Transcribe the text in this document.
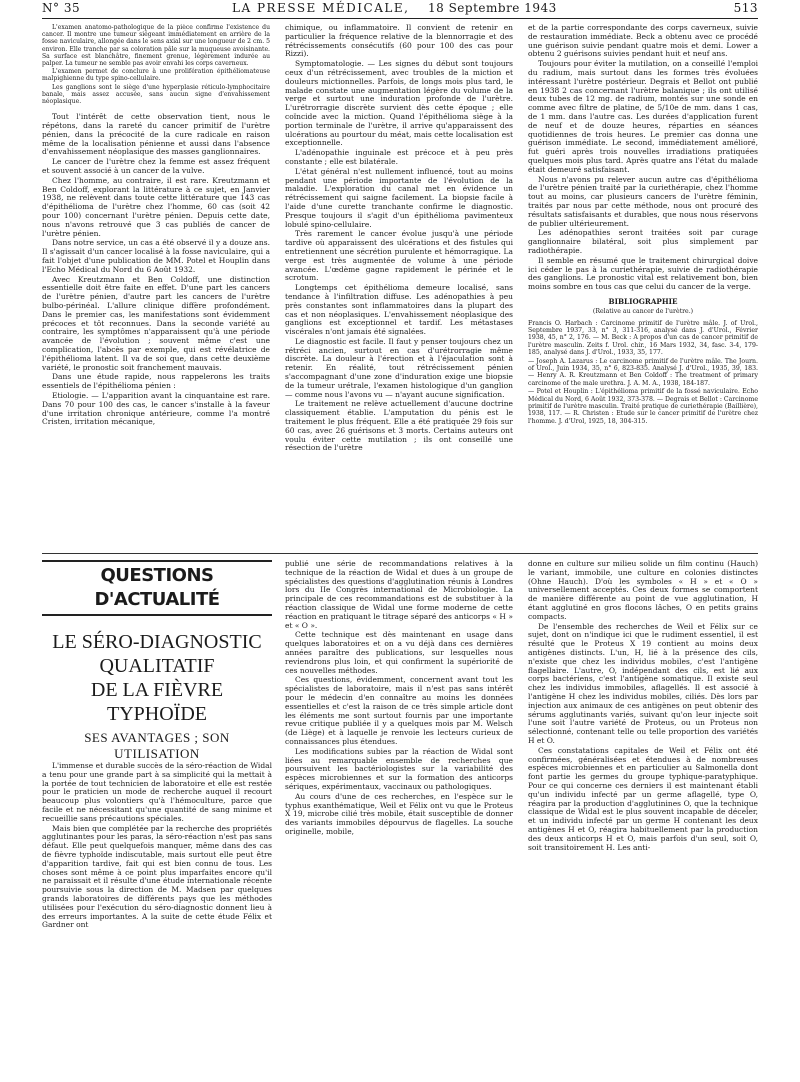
N° 35	LA PRESSE MÉDICALE, 18 Septembre 1943	513

L'examen anatomo-pathologique de la pièce confirme l'existence du cancer. Il montre une tumeur siégeant immédiatement en arrière de la fosse naviculaire, allongée dans le sens axial sur une longueur de 2 cm. 5 environ. Elle tranche par sa coloration pâle sur la muqueuse avoisinante. Sa surface est blanchâtre, finement grenue, légèrement indurée au palper. La tumeur ne semble pas avoir envahi les corps caverneux.

L'examen permet de conclure à une prolifération épithéliomateuse malpighienne du type spino-cellulaire.

Les ganglions sont le siège d'une hyperplasie réticulo-lymphocitaire banale, mais assez accusée, sans aucun signe d'envahissement néoplasique.

Tout l'intérêt de cette observation tient, nous le répétons, dans la rareté du cancer primitif de l'urètre pénien, dans la précocité de la cure radicale en raison même de la localisation pénienne et aussi dans l'absence d'envahissement néoplasique des masses ganglionnaires.

Le cancer de l'urètre chez la femme est assez fréquent et souvent associé à un cancer de la vulve.

Chez l'homme, au contraire, il est rare. Kreutzmann et Ben Coldoff, explorant la littérature à ce sujet, en Janvier 1938, ne relèvent dans toute cette littérature que 143 cas d'épithélioma de l'urètre chez l'homme, 60 cas (soit 42 pour 100) concernant l'urètre pénien. Depuis cette date, nous n'avons retrouvé que 3 cas publiés de cancer de l'urètre pénien.

Dans notre service, un cas a été observé il y a douze ans. Il s'agissait d'un cancer localisé à la fosse naviculaire, qui a fait l'objet d'une publication de MM. Potel et Houplin dans l'Echo Médical du Nord du 6 Août 1932.

Avec Kreutzmann et Ben Coldoff, une distinction essentielle doit être faite en effet. D'une part les cancers de l'urètre pénien, d'autre part les cancers de l'urètre bulbo-périnéal. L'allure clinique diffère profondément. Dans le premier cas, les manifestations sont évidemment précoces et tôt reconnues. Dans la seconde variété au contraire, les symptômes n'apparaissent qu'à une période avancée de l'évolution ; souvent même c'est une complication, l'abcès par exemple, qui est révélatrice de l'épithélioma latent. Il va de soi que, dans cette deuxième variété, le pronostic soit franchement mauvais.

Dans une étude rapide, nous rappelerons les traits essentiels de l'épithélioma pénien :

Etiologie. — L'apparition avant la cinquantaine est rare. Dans 70 pour 100 des cas, le cancer s'installe à la faveur d'une irritation chronique antérieure, comme l'a montré Cristen, irritation mécanique,

chimique, ou inflammatoire. Il convient de retenir en particulier la fréquence relative de la blennorragie et des rétrécissements consécutifs (60 pour 100 des cas pour Rizzi).

Symptomatologie. — Les signes du début sont toujours ceux d'un rétrécissement, avec troubles de la miction et douleurs mictionnelles. Parfois, de longs mois plus tard, le malade constate une augmentation légère du volume de la verge et surtout une induration profonde de l'urètre. L'urétrorragie discrète survient dès cette époque ; elle coïncide avec la miction. Quand l'épithélioma siège à la portion terminale de l'urètre, il arrive qu'apparaissent des ulcérations au pourtour du méat, mais cette localisation est exceptionnelle.

L'adénopathie inguinale est précoce et à peu près constante ; elle est bilatérale.

L'état général n'est nullement influencé, tout au moins pendant une période importante de l'évolution de la maladie. L'exploration du canal met en évidence un rétrécissement qui saigne facilement. La biopsie facile à l'aide d'une curette tranchante confirme le diagnostic. Presque toujours il s'agit d'un épithélioma pavimenteux lobulé spino-cellulaire.

Très rarement le cancer évolue jusqu'à une période tardive où apparaissent des ulcérations et des fistules qui entretiennent une sécrétion purulente et hémorragique. La verge est très augmentée de volume à une période avancée. L'œdème gagne rapidement le périnée et le scrotum.

Longtemps cet épithélioma demeure localisé, sans tendance à l'infiltration diffuse. Les adénopathies à peu près constantes sont inflammatoires dans la plupart des cas et non néoplasiques. L'envahissement néoplasique des ganglions est exceptionnel et tardif. Les métastases viscérales n'ont jamais été signalées.

Le diagnostic est facile. Il faut y penser toujours chez un rétréci ancien, surtout en cas d'urétrorragie même discrète. La douleur à l'érection et à l'éjaculation sont à retenir. En réalité, tout rétrécissement pénien s'accompagnant d'une zone d'induration exige une biopsie de la tumeur urétrale, l'examen histologique d'un ganglion — comme nous l'avons vu — n'ayant aucune signification.

Le traitement ne relève actuellement d'aucune doctrine classiquement établie. L'amputation du pénis est le traitement le plus fréquent. Elle a été pratiquée 29 fois sur 60 cas, avec 26 guérisons et 3 morts. Certains auteurs ont voulu éviter cette mutilation ; ils ont conseillé une résection de l'urètre

et de la partie correspondante des corps caverneux, suivie de restauration immédiate. Beck a obtenu avec ce procédé une guérison suivie pendant quatre mois et demi. Lower a obtenu 2 guérisons suivies pendant huit et neuf ans.

Toujours pour éviter la mutilation, on a conseillé l'emploi du radium, mais surtout dans les formes très évoluées intéressant l'urètre postérieur. Degrais et Bellot ont publié en 1938 2 cas concernant l'urètre balanique ; ils ont utilisé deux tubes de 12 mg. de radium, montés sur une sonde en comme avec filtre de platine, de 5/10e de mm. dans 1 cas, de 1 mm. dans l'autre cas. Les durées d'application furent de neuf et de douze heures, réparties en séances quotidiennes de trois heures. Le premier cas donna une guérison immédiate. Le second, immédiatement amélioré, fut guéri après trois nouvelles irradiations pratiquées quelques mois plus tard. Après quatre ans l'état du malade était demeuré satisfaisant.

Nous n'avons pu relever aucun autre cas d'épithélioma de l'urètre pénien traité par la curiethérapie, chez l'homme tout au moins, car plusieurs cancers de l'urètre féminin, traités par nous par cette méthode, nous ont procuré des résultats satisfaisants et durables, que nous nous réservons de publier ultérieurement.

Les adénopathies seront traitées soit par curage ganglionnaire bilatéral, soit plus simplement par radiothérapie.

Il semble en résumé que le traitement chirurgical doive ici céder le pas à la curiethérapie, suivie de radiothérapie des ganglions. Le pronostic vital est relativement bon, bien moins sombre en tous cas que celui du cancer de la verge.

BIBLIOGRAPHIE
(Relative au cancer de l'urètre.)
Francis O. Harbach : Carcinome primitif de l'urètre mâle. J. of Urol., Septembre 1937, 33, n° 3, 311-316, analysé dans J. d'Urol., Février 1938, 45, n° 2, 176. — M. Beck : A propos d'un cas de cancer primitif de l'urètre masculin. Zeits f. Urol. chir., 16 Mars 1932, 34, fasc. 3-4, 179-185, analysé dans J. d'Urol., 1933, 35, 177.
— Joseph A. Lazarus : Le carcinome primitif de l'urètre mâle. The Journ. of Urol., Juin 1934, 35, n° 6, 823-835. Analysé J. d'Urol., 1935, 39, 183. — Henry A. R. Kreutzmann et Ben Coldoff : The treatment of primary carcinome of the male urethra. J. A. M. A., 1938, 184-187.
— Potel et Houplin : L'épithélioma primitif de la fossé naviculaire. Echo Médical du Nord, 6 Août 1932, 373-378. — Degrais et Bellot : Carcinome primitif de l'urètre masculin. Traité pratique de curiethérapie (Baillière), 1938, 117. — R. Christen : Etude sur le cancer primitif de l'urètre chez l'homme. J. d'Urol, 1925, 18, 304-315.
QUESTIONS D'ACTUALITÉ
LE SÉRO-DIAGNOSTIC
QUALITATIF
DE LA FIÈVRE TYPHOÏDE
SES AVANTAGES ; SON UTILISATION

L'immense et durable succès de la séro-réaction de Widal a tenu pour une grande part à sa simplicité qui la mettait à la portée de tout technicien de laboratoire et elle est restée pour le praticien un mode de recherche auquel il recourt beaucoup plus volontiers qu'à l'hémoculture, parce que facile et ne nécessitant qu'une quantité de sang minime et recueillie sans précautions spéciales.

Mais bien que complétée par la recherche des propriétés agglutinantes pour les paras, la séro-réaction n'est pas sans défaut. Elle peut quelquefois manquer, même dans des cas de fièvre typhoïde indiscutable, mais surtout elle peut être d'apparition tardive, fait qui est bien connu de tous. Les choses sont même à ce point plus imparfaites encore qu'il ne paraissait et il résulte d'une étude internationale récente poursuivie sous la direction de M. Madsen par quelques grands laboratoires de différents pays que les méthodes utilisées pour l'exécution du séro-diagnostic donnent lieu à des erreurs importantes. A la suite de cette étude Félix et Gardner ont

publié une série de recommandations relatives à la technique de la réaction de Widal et dues à un groupe de spécialistes des questions d'agglutination réunis à Londres lors du IIe Congrès international de Microbiologie. La principale de ces recommandations est de substituer à la réaction classique de Widal une forme moderne de cette réaction en pratiquant le titrage séparé des anticorps « H » et « O ».

Cette technique est dès maintenant en usage dans quelques laboratoires et on a vu déjà dans ces dernières années paraître des publications, sur lesquelles nous reviendrons plus loin, et qui confirment la supériorité de ces nouvelles méthodes.

Ces questions, évidemment, concernent avant tout les spécialistes de laboratoire, mais il n'est pas sans intérêt pour le médecin d'en connaître au moins les données essentielles et c'est la raison de ce très simple article dont les éléments me sont surtout fournis par une importante revue critique publiée il y a quelques mois par M. Welsch (de Liège) et à laquelle je renvoie les lecteurs curieux de connaissances plus étendues.

Les modifications subies par la réaction de Widal sont liées au remarquable ensemble de recherches que poursuivent les bactériologistes sur la variabilité des espèces microbiennes et sur la formation des anticorps sériques, expérimentaux, vaccinaux ou pathologiques.

Au cours d'une de ces recherches, en l'espèce sur le typhus exanthématique, Weil et Félix ont vu que le Proteus X 19, microbe cilié très mobile, était susceptible de donner des variants immobiles dépourvus de flagelles. La souche originelle, mobile,

donne en culture sur milieu solide un film continu (Hauch) le variant, immobile, une culture en colonies distinctes (Ohne Hauch). D'où les symboles « H » et « O » universellement acceptés. Ces deux formes se comportent de manière différente au point de vue agglutination, H étant agglutiné en gros flocons lâches, O en petits grains compacts.

De l'ensemble des recherches de Weil et Félix sur ce sujet, dont on n'indique ici que le rudiment essentiel, il est résulté que le Proteus X 19 contient au moins deux antigènes distincts. L'un, H, lié à la présence des cils, n'existe que chez les individus mobiles, c'est l'antigène flagellaire. L'autre, O, indépendant des cils, est lié aux corps bactériens, c'est l'antigène somatique. Il existe seul chez les individus immobiles, aflagellés. Il est associé à l'antigène H chez les individus mobiles, ciliés. Dès lors par injection aux animaux de ces antigènes on peut obtenir des sérums agglutinants variés, suivant qu'on leur injecte soit l'une soit l'autre variété de Proteus, ou un Proteus non sélectionné, contenant telle ou telle proportion des variétés H et O.

Ces constatations capitales de Weil et Félix ont été confirmées, généralisées et étendues à de nombreuses espèces microbiennes et en particulier au Salmonella dont font partie les germes du groupe typhique-paratyphique. Pour ce qui concerne ces derniers il est maintenant établi qu'un individu infecté par un germe aflagellé, type O, réagira par la production d'agglutinines O, que la technique classique de Widal est le plus souvent incapable de déceler, et un individu infecté par un germe H contenant les deux antigènes H et O, réagira habituellement par la production des deux anticorps H et O, mais parfois d'un seul, soit O, soit transitoirement H. Les anti-
